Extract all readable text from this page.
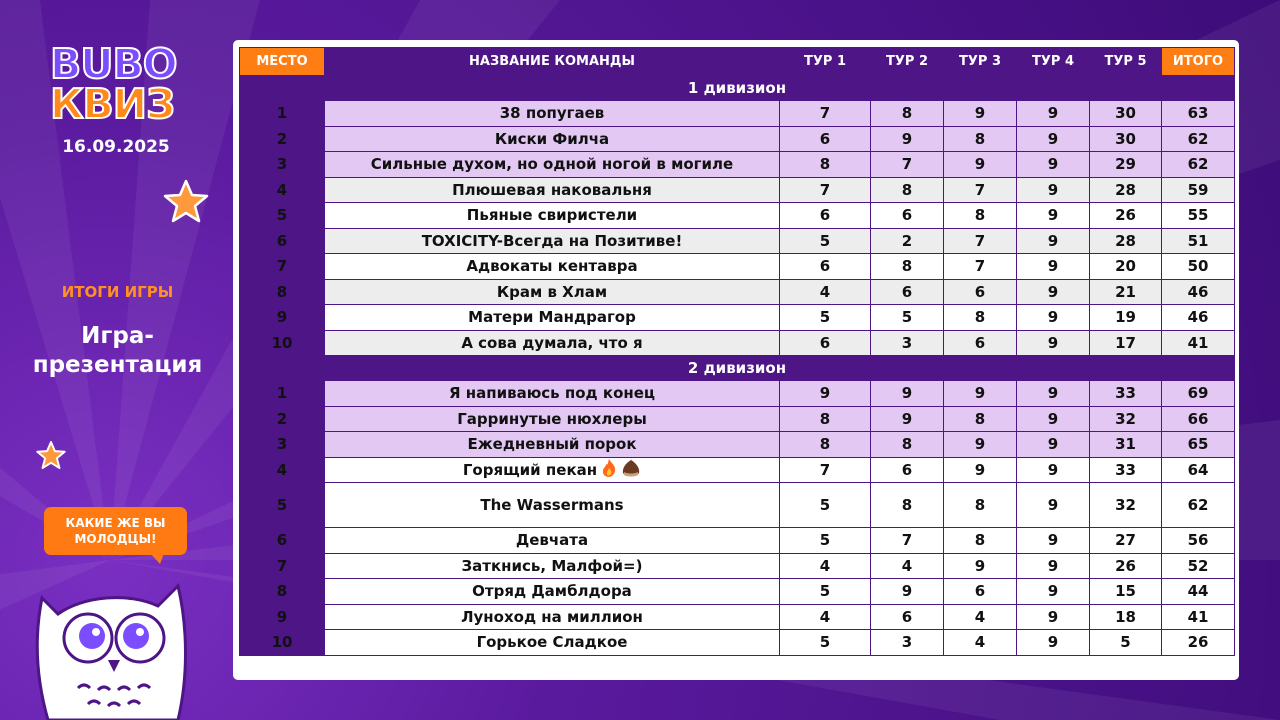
BUBO
КВИЗ
16.09.2025
ИТОГИ ИГРЫ
Игра-презентация
КАКИЕ ЖЕ ВЫ МОЛОДЦЫ!
МЕСТО	НАЗВАНИЕ КОМАНДЫ	ТУР 1	ТУР 2	ТУР 3	ТУР 4	ТУР 5	ИТОГО
1 дивизион							
1	38 попугаев	7	8	9	9	30	63
2	Киски Филча	6	9	8	9	30	62
3	Сильные духом, но одной ногой в могиле	8	7	9	9	29	62
4	Плюшевая наковальня	7	8	7	9	28	59
5	Пьяные свиристели	6	6	8	9	26	55
6	TOXICITY-Всегда на Позитиве!	5	2	7	9	28	51
7	Адвокаты кентавра	6	8	7	9	20	50
8	Крам в Хлам	4	6	6	9	21	46
9	Матери Мандрагор	5	5	8	9	19	46
10	А сова думала, что я	6	3	6	9	17	41
2 дивизион							
1	Я напиваюсь под конец	9	9	9	9	33	69
2	Гарринутые нюхлеры	8	9	8	9	32	66
3	Ежедневный порок	8	8	9	9	31	65
4	Горящий пекан	7	6	9	9	33	64
5	The Wassermans	5	8	8	9	32	62
6	Девчата	5	7	8	9	27	56
7	Заткнись, Малфой=)	4	4	9	9	26	52
8	Отряд Дамблдора	5	9	6	9	15	44
9	Луноход на миллион	4	6	4	9	18	41
10	Горькое Сладкое	5	3	4	9	5	26
